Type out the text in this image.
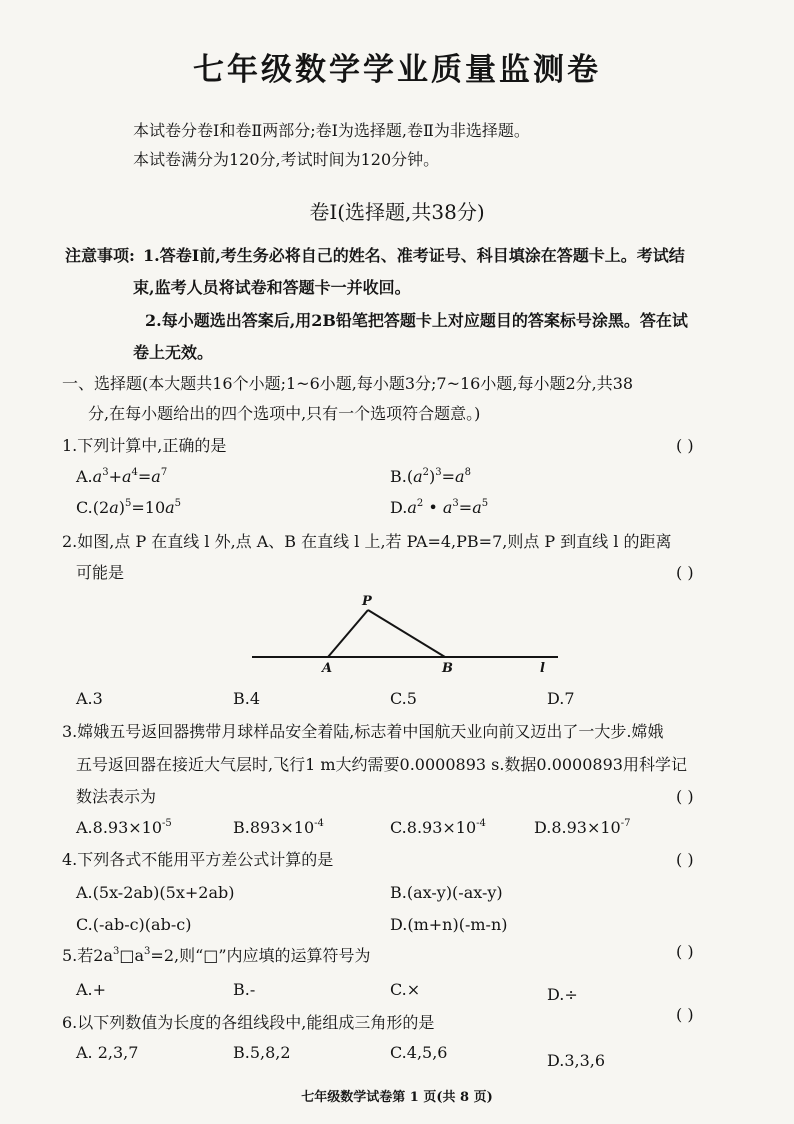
七年级数学学业质量监测卷
本试卷分卷Ⅰ和卷Ⅱ两部分;卷Ⅰ为选择题,卷Ⅱ为非选择题。
本试卷满分为120分,考试时间为120分钟。
卷Ⅰ(选择题,共38分)
注意事项: 1.答卷Ⅰ前,考生务必将自己的姓名、准考证号、科目填涂在答题卡上。考试结
束,监考人员将试卷和答题卡一并收回。
2.每小题选出答案后,用2B铅笔把答题卡上对应题目的答案标号涂黑。答在试
卷上无效。
一、选择题(本大题共16个小题;1~6小题,每小题3分;7~16小题,每小题2分,共38
分,在每小题给出的四个选项中,只有一个选项符合题意。)
1.下列计算中,正确的是	( )
$A.a^3+a^4=a^7$	$B.(a^2)^3=a^8$
$C.(2a)^5=10a^5$	$D.a^2$ • $a^3=a^5$
2.如图,点 P 在直线 l 外,点 A、B 在直线 l 上,若 PA=4,PB=7,则点 P 到直线 l 的距离
可能是	( )
P
A	B	l
A.3	B.4	C.5	D.7
3.嫦娥五号返回器携带月球样品安全着陆,标志着中国航天业向前又迈出了一大步.嫦娥
五号返回器在接近大气层时,飞行1 m大约需要0.0000893 s.数据0.0000893用科学记
数法表示为	( )
$A.8.93\times 10^{-5}$	$B.893\times 10^{-4}$	$C.8.93\times 10^{-4}$	$D.8.93\times 10^{-7}$
4.下列各式不能用平方差公式计算的是	( )
A.(5x-2ab)(5x+2ab)	B.(ax-y)(-ax-y)
C.(-ab-c)(ab-c)	D.(m+n)(-m-n)
5.若$2a^3□a^3=2$,则“□”内应填的运算符号为	( )
A.+	B.-	C.×	D.÷
6.以下列数值为长度的各组线段中,能组成三角形的是	( )
A. 2,3,7	B.5,8,2	C.4,5,6	D.3,3,6
七年级数学试卷第 1 页(共 8 页)
